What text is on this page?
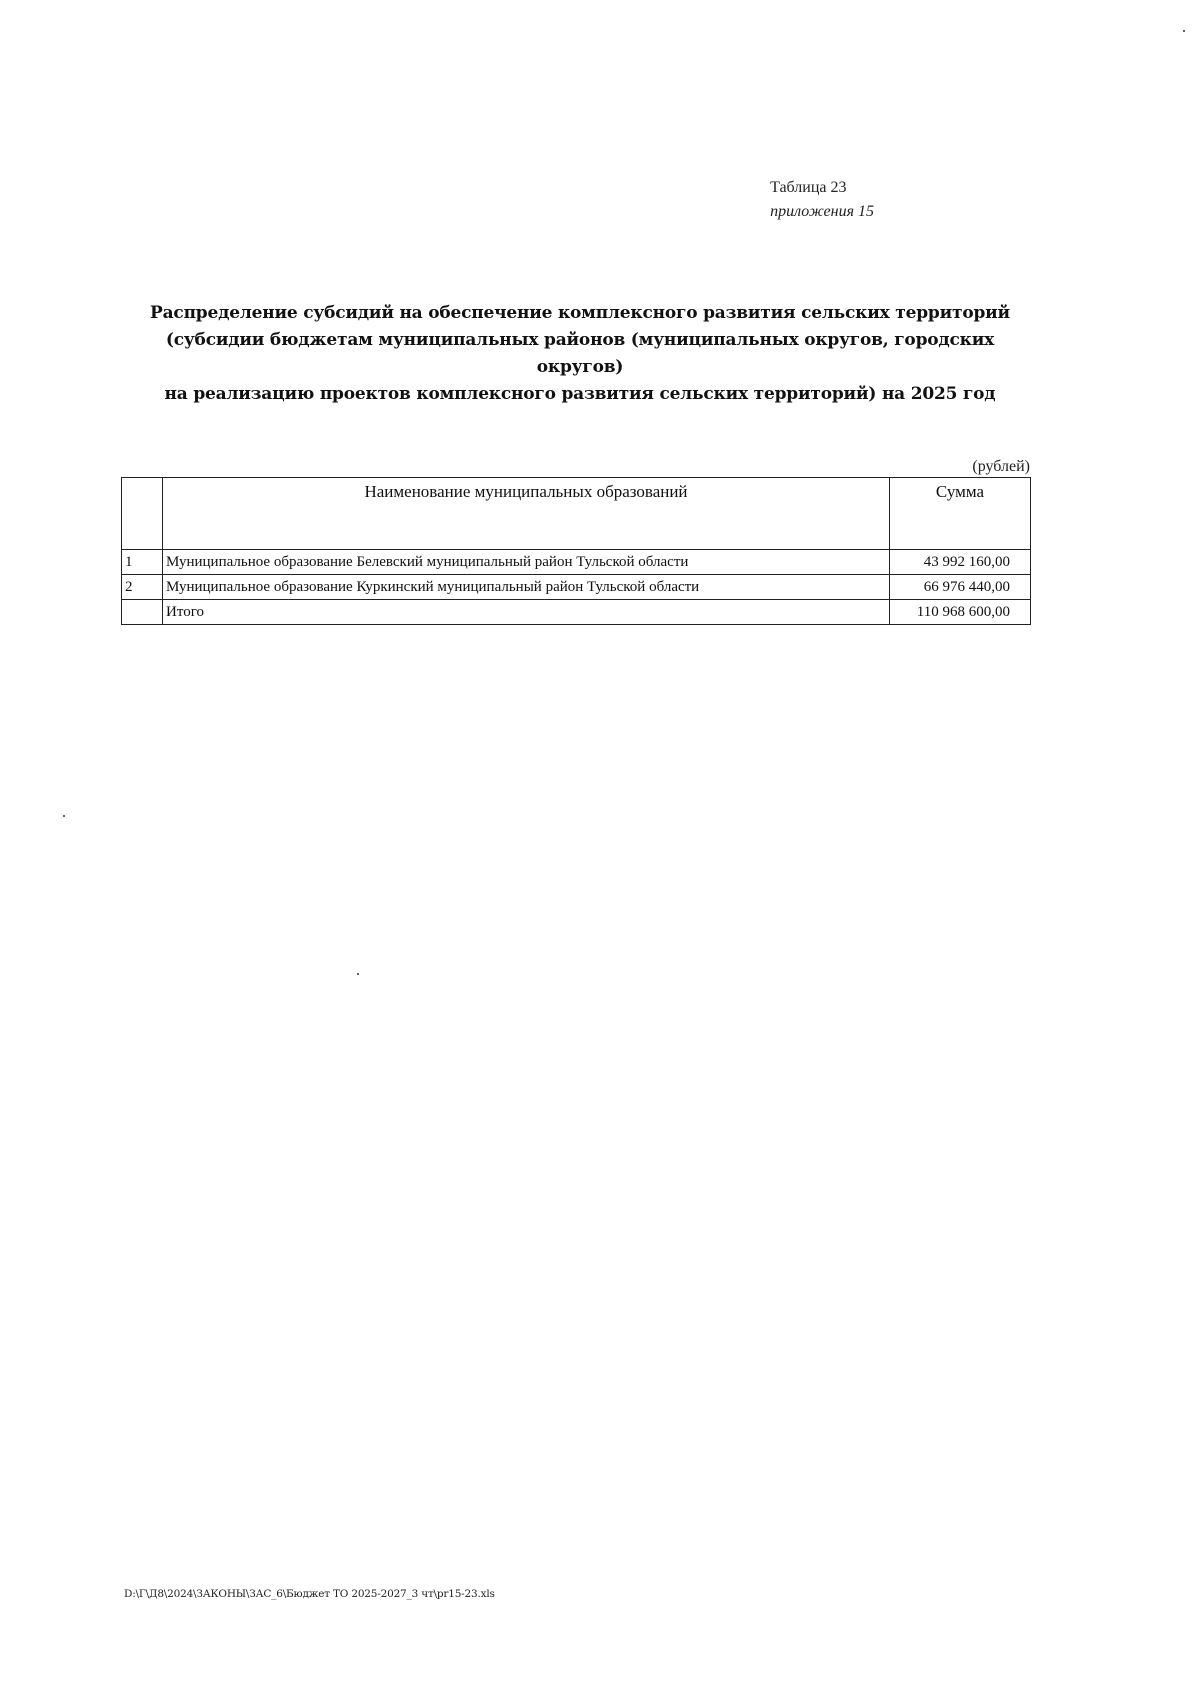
Таблица 23
приложения 15
Распределение субсидий на обеспечение комплексного развития сельских территорий
(субсидии бюджетам муниципальных районов (муниципальных округов, городских округов)
на реализацию проектов комплексного развития сельских территорий) на 2025 год
(рублей)
	Наименование муниципальных образований	Сумма
1	Муниципальное образование Белевский муниципальный район Тульской области	43 992 160,00
2	Муниципальное образование Куркинский муниципальный район Тульской области	66 976 440,00
	Итого	110 968 600,00
D:\Г\Д8\2024\ЗАКОНЫ\ЗАС_6\Бюджет ТО 2025-2027_3 чт\pr15-23.xls
